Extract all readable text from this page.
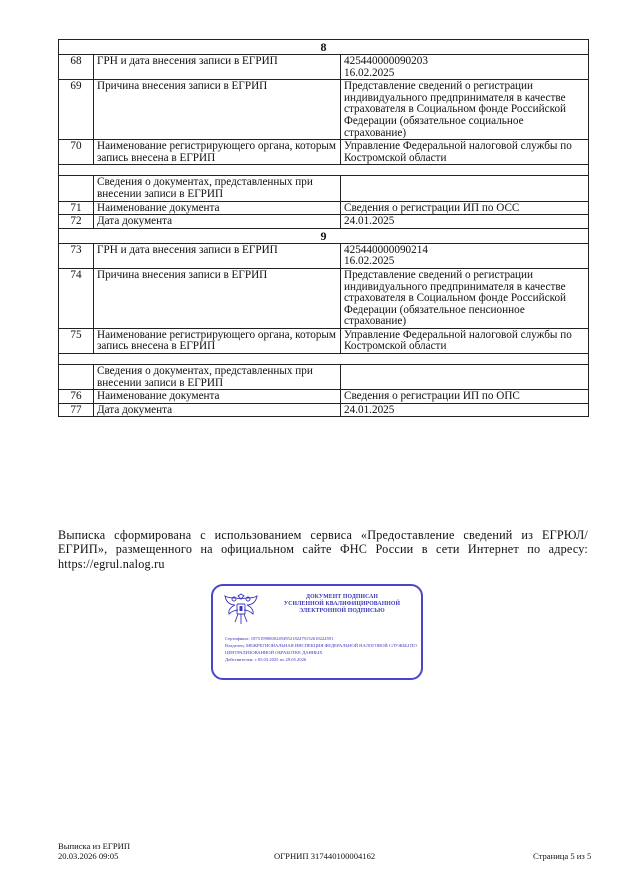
8		
68	ГРН и дата внесения записи в ЕГРИП	425440000090203
16.02.2025
69	Причина внесения записи в ЕГРИП	Представление сведений о регистрации индивидуального предпринимателя в качестве страхователя в Социальном фонде Российской Федерации (обязательное социальное страхование)
70	Наименование регистрирующего органа, которым запись внесена в ЕГРИП	Управление Федеральной налоговой службы по Костромской области

	Сведения о документах, представленных при внесении записи в ЕГРИП	
71	Наименование документа	Сведения о регистрации ИП по ОСС
72	Дата документа	24.01.2025
9		
73	ГРН и дата внесения записи в ЕГРИП	425440000090214
16.02.2025
74	Причина внесения записи в ЕГРИП	Представление сведений о регистрации индивидуального предпринимателя в качестве страхователя в Социальном фонде Российской Федерации (обязательное пенсионное страхование)
75	Наименование регистрирующего органа, которым запись внесена в ЕГРИП	Управление Федеральной налоговой службы по Костромской области

	Сведения о документах, представленных при внесении записи в ЕГРИП	
76	Наименование документа	Сведения о регистрации ИП по ОПС
77	Дата документа	24.01.2025
Выписка сформирована с использованием сервиса «Предоставление сведений из ЕГРЮЛ/ЕГРИП», размещенного на официальном сайте ФНС России в сети Интернет по адресу: https://egrul.nalog.ru
ДОКУМЕНТ ПОДПИСАН
УСИЛЕННОЙ КВАЛИФИЦИРОВАННОЙ
ЭЛЕКТРОННОЙ ПОДПИСЬЮ
Сертификат: 187519908002494952182479152618224591
Владелец: МЕЖРЕГИОНАЛЬНАЯ ИНСПЕКЦИЯ ФЕДЕРАЛЬНОЙ НАЛОГОВОЙ СЛУЖБЫ ПО ЦЕНТРАЛИЗОВАННОЙ ОБРАБОТКЕ ДАННЫХ
Действителен: с 05.03.2025 по 29.05.2026
Выписка из ЕГРИП
20.03.2026 09:05	ОГРНИП 317440100004162	Страница 5 из 5
